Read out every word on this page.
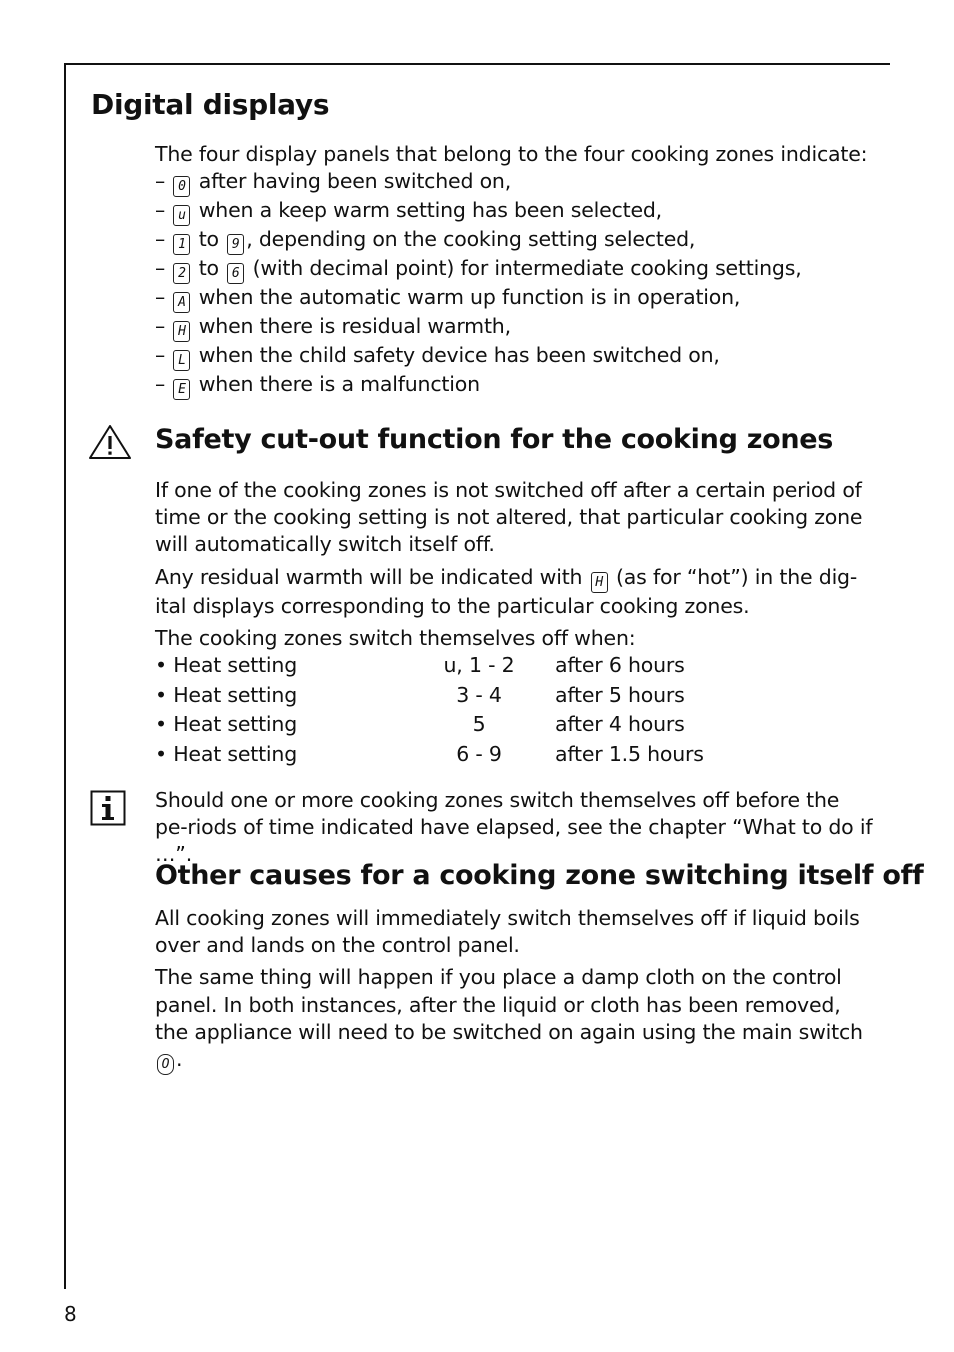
Digital displays

The four display panels that belong to the four cooking zones indicate:

– 0 after having been switched on,

– u when a keep warm setting has been selected,

– 1 to 9 , depending on the cooking setting selected,

– 2 to 6 (with decimal point) for intermediate cooking settings,

– A when the automatic warm up function is in operation,

– H when there is residual warmth,

– L when the child safety device has been switched on,

– E when there is a malfunction

Safety cut-out function for the cooking zones

If one of the cooking zones is not switched off after a certain period of time or the cooking setting is not altered, that particular cooking zone will automatically switch itself off.

Any residual warmth will be indicated with H (as for “hot”) in the dig-ital displays corresponding to the particular cooking zones.

The cooking zones switch themselves off when:

• Heat setting	u, 1 - 2 after 6 hours
• Heat setting	3 - 4	after 5 hours
• Heat setting	5	after 4 hours
• Heat setting	6 - 9	after 1.5 hours

Should one or more cooking zones switch themselves off before the pe-riods of time indicated have elapsed, see the chapter “What to do if …”.

Other causes for a cooking zone switching itself off

All cooking zones will immediately switch themselves off if liquid boils over and lands on the control panel.

The same thing will happen if you place a damp cloth on the control panel. In both instances, after the liquid or cloth has been removed, the appliance will need to be switched on again using the main switch O .

8
